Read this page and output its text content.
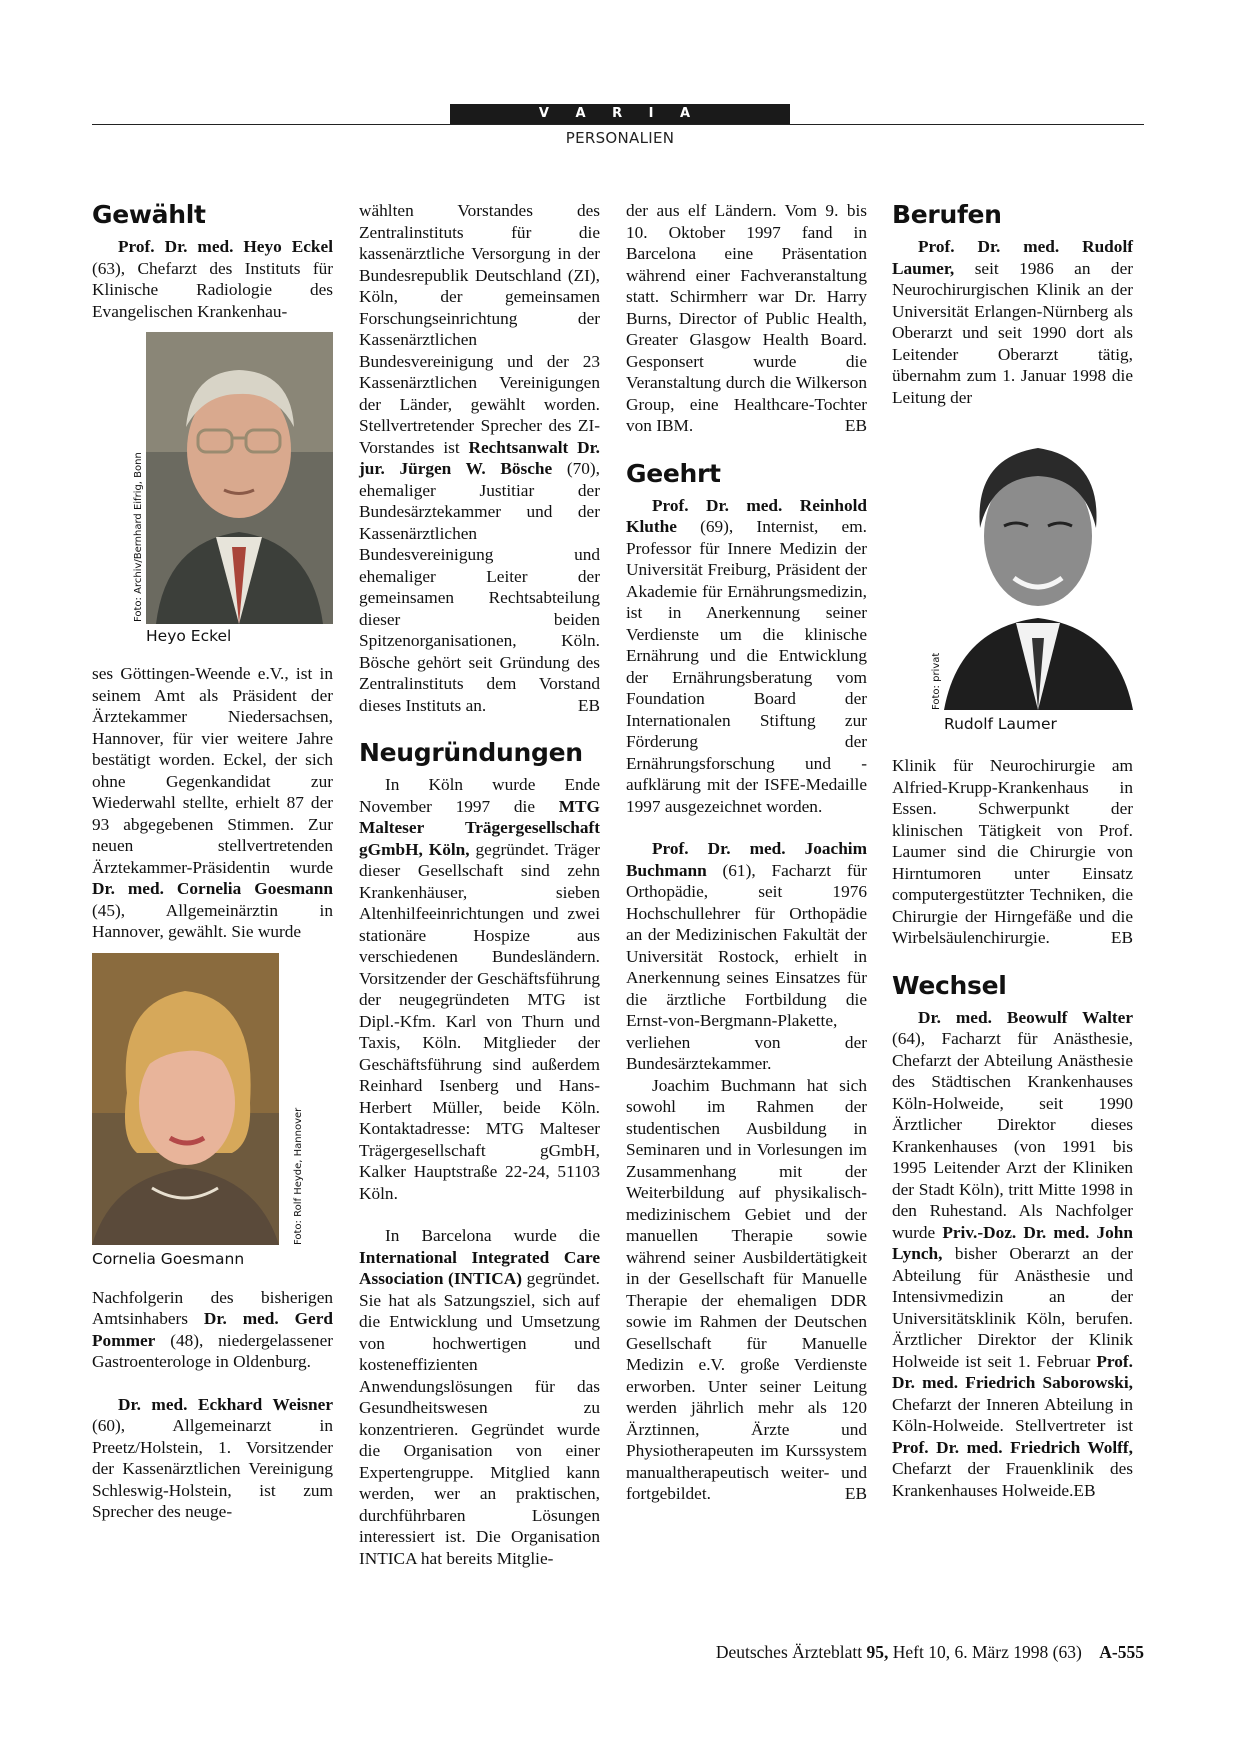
V A R I A
PERSONALIEN
Gewählt

Prof. Dr. med. Heyo Eckel (63), Chefarzt des Instituts für Klinische Radiologie des Evangelischen Krankenhau-

Foto: Archiv/Bernhard Eifrig, Bonn
Heyo Eckel

ses Göttingen-Weende e.V., ist in seinem Amt als Präsident der Ärztekammer Niedersachsen, Hannover, für vier weitere Jahre bestätigt worden. Eckel, der sich ohne Gegenkandidat zur Wiederwahl stellte, erhielt 87 der 93 abgegebenen Stimmen. Zur neuen stellvertretenden Ärztekammer-Präsidentin wurde Dr. med. Cornelia Goesmann (45), Allgemeinärztin in Hannover, gewählt. Sie wurde

Foto: Rolf Heyde, Hannover
Cornelia Goesmann

Nachfolgerin des bisherigen Amtsinhabers Dr. med. Gerd Pommer (48), niedergelassener Gastroenterologe in Oldenburg.

Dr. med. Eckhard Weisner (60), Allgemeinarzt in Preetz/Holstein, 1. Vorsitzender der Kassenärztlichen Vereinigung Schleswig-Holstein, ist zum Sprecher des neuge-

wählten Vorstandes des Zentralinstituts für die kassenärztliche Versorgung in der Bundesrepublik Deutschland (ZI), Köln, der gemeinsamen Forschungseinrichtung der Kassenärztlichen Bundesvereinigung und der 23 Kassenärztlichen Vereinigungen der Länder, gewählt worden. Stellvertretender Sprecher des ZI-Vorstandes ist Rechtsanwalt Dr. jur. Jürgen W. Bösche (70), ehemaliger Justitiar der Bundesärztekammer und der Kassenärztlichen Bundesvereinigung und ehemaliger Leiter der gemeinsamen Rechtsabteilung dieser beiden Spitzenorganisationen, Köln. Bösche gehört seit Gründung des Zentralinstituts dem Vorstand dieses Instituts an.	EB

Neugründungen

In Köln wurde Ende November 1997 die MTG Malteser Trägergesellschaft gGmbH, Köln, gegründet. Träger dieser Gesellschaft sind zehn Krankenhäuser, sieben Altenhilfeeinrichtungen und zwei stationäre Hospize aus verschiedenen Bundesländern. Vorsitzender der Geschäftsführung der neugegründeten MTG ist Dipl.-Kfm. Karl von Thurn und Taxis, Köln. Mitglieder der Geschäftsführung sind außerdem Reinhard Isenberg und Hans-Herbert Müller, beide Köln. Kontaktadresse: MTG Malteser Trägergesellschaft gGmbH, Kalker Hauptstraße 22-24, 51103 Köln.

In Barcelona wurde die International Integrated Care Association (INTICA) gegründet. Sie hat als Satzungsziel, sich auf die Entwicklung und Umsetzung von hochwertigen und kosteneffizienten Anwendungslösungen für das Gesundheitswesen zu konzentrieren. Gegründet wurde die Organisation von einer Expertengruppe. Mitglied kann werden, wer an praktischen, durchführbaren Lösungen interessiert ist. Die Organisation INTICA hat bereits Mitglie-

der aus elf Ländern. Vom 9. bis 10. Oktober 1997 fand in Barcelona eine Präsentation während einer Fachveranstaltung statt. Schirmherr war Dr. Harry Burns, Director of Public Health, Greater Glasgow Health Board. Gesponsert wurde die Veranstaltung durch die Wilkerson Group, eine Healthcare-Tochter von IBM.	EB

Geehrt

Prof. Dr. med. Reinhold Kluthe (69), Internist, em. Professor für Innere Medizin der Universität Freiburg, Präsident der Akademie für Ernährungsmedizin, ist in Anerkennung seiner Verdienste um die klinische Ernährung und die Entwicklung der Ernährungsberatung vom Foundation Board der Internationalen Stiftung zur Förderung der Ernährungsforschung und -aufklärung mit der ISFE-Medaille 1997 ausgezeichnet worden.

Prof. Dr. med. Joachim Buchmann (61), Facharzt für Orthopädie, seit 1976 Hochschullehrer für Orthopädie an der Medizinischen Fakultät der Universität Rostock, erhielt in Anerkennung seines Einsatzes für die ärztliche Fortbildung die Ernst-von-Bergmann-Plakette, verliehen von der Bundesärztekammer.

Joachim Buchmann hat sich sowohl im Rahmen der studentischen Ausbildung in Seminaren und in Vorlesungen im Zusammenhang mit der Weiterbildung auf physikalisch-medizinischem Gebiet und der manuellen Therapie sowie während seiner Ausbildertätigkeit in der Gesellschaft für Manuelle Therapie der ehemaligen DDR sowie im Rahmen der Deutschen Gesellschaft für Manuelle Medizin e.V. große Verdienste erworben. Unter seiner Leitung werden jährlich mehr als 120 Ärztinnen, Ärzte und Physiotherapeuten im Kurssystem manualtherapeutisch weiter- und fortgebildet.	EB

Berufen

Prof. Dr. med. Rudolf Laumer, seit 1986 an der Neurochirurgischen Klinik an der Universität Erlangen-Nürnberg als Oberarzt und seit 1990 dort als Leitender Oberarzt tätig, übernahm zum 1. Januar 1998 die Leitung der

Foto: privat
Rudolf Laumer

Klinik für Neurochirurgie am Alfried-Krupp-Krankenhaus in Essen. Schwerpunkt der klinischen Tätigkeit von Prof. Laumer sind die Chirurgie von Hirntumoren unter Einsatz computergestützter Techniken, die Chirurgie der Hirngefäße und die Wirbelsäulenchirurgie.	EB

Wechsel

Dr. med. Beowulf Walter (64), Facharzt für Anästhesie, Chefarzt der Abteilung Anästhesie des Städtischen Krankenhauses Köln-Holweide, seit 1990 Ärztlicher Direktor dieses Krankenhauses (von 1991 bis 1995 Leitender Arzt der Kliniken der Stadt Köln), tritt Mitte 1998 in den Ruhestand. Als Nachfolger wurde Priv.-Doz. Dr. med. John Lynch, bisher Oberarzt an der Abteilung für Anästhesie und Intensivmedizin an der Universitätsklinik Köln, berufen. Ärztlicher Direktor der Klinik Holweide ist seit 1. Februar Prof. Dr. med. Friedrich Saborowski, Chefarzt der Inneren Abteilung in Köln-Holweide. Stellvertreter ist Prof. Dr. med. Friedrich Wolff, Chefarzt der Frauenklinik des Krankenhauses Holweide.EB

Deutsches Ärzteblatt 95, Heft 10, 6. März 1998 (63) A-555
